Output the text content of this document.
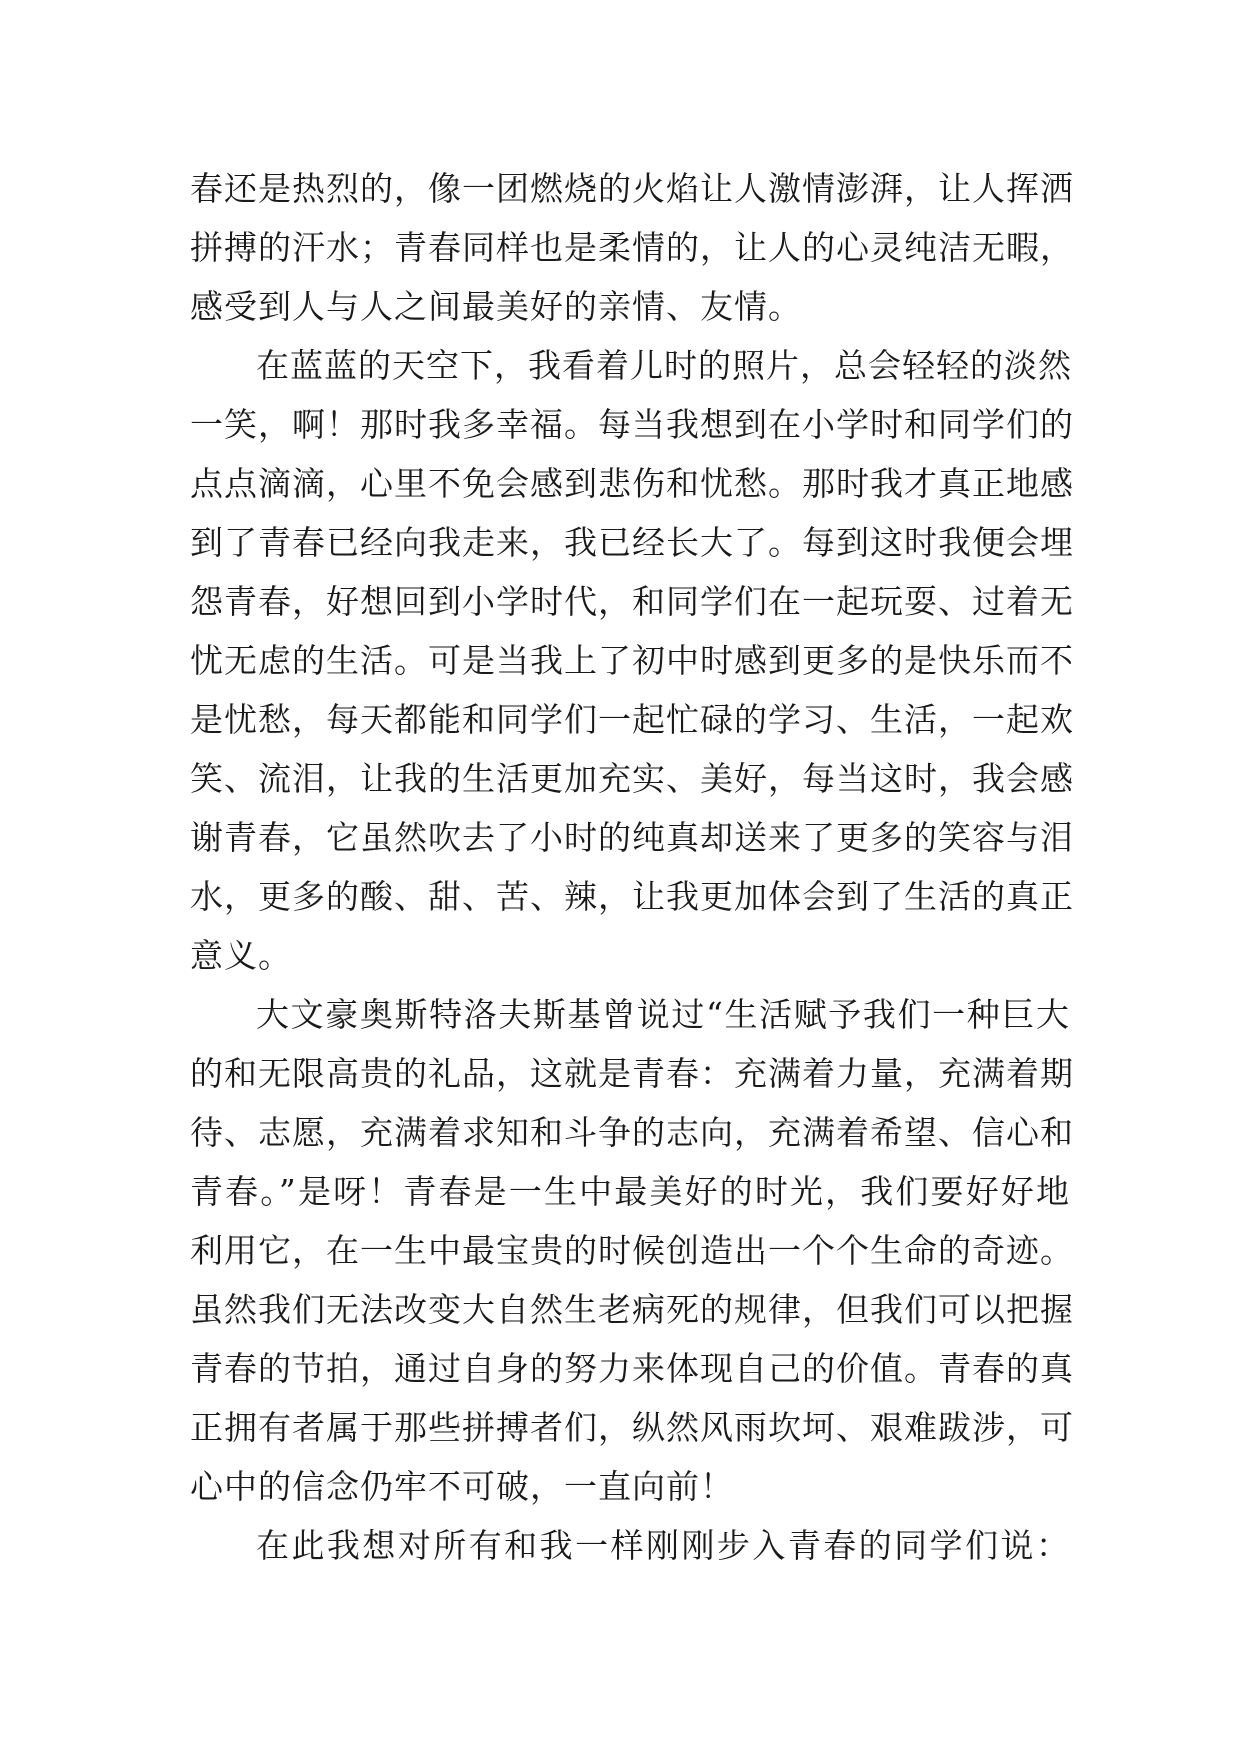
春还是热烈的，像一团燃烧的火焰让人激情澎湃，让人挥洒
拼搏的汗水；青春同样也是柔情的，让人的心灵纯洁无暇，
感受到人与人之间最美好的亲情、友情。
在蓝蓝的天空下，我看着儿时的照片，总会轻轻的淡然
一笑，啊！那时我多幸福。每当我想到在小学时和同学们的
点点滴滴，心里不免会感到悲伤和忧愁。那时我才真正地感
到了青春已经向我走来，我已经长大了。每到这时我便会埋
怨青春，好想回到小学时代，和同学们在一起玩耍、过着无
忧无虑的生活。可是当我上了初中时感到更多的是快乐而不
是忧愁，每天都能和同学们一起忙碌的学习、生活，一起欢
笑、流泪，让我的生活更加充实、美好，每当这时，我会感
谢青春，它虽然吹去了小时的纯真却送来了更多的笑容与泪
水，更多的酸、甜、苦、辣，让我更加体会到了生活的真正
意义。
大文豪奥斯特洛夫斯基曾说过“生活赋予我们一种巨大
的和无限高贵的礼品，这就是青春：充满着力量，充满着期
待、志愿，充满着求知和斗争的志向，充满着希望、信心和
青春。”是呀！青春是一生中最美好的时光，我们要好好地
利用它，在一生中最宝贵的时候创造出一个个生命的奇迹。
虽然我们无法改变大自然生老病死的规律，但我们可以把握
青春的节拍，通过自身的努力来体现自己的价值。青春的真
正拥有者属于那些拼搏者们，纵然风雨坎坷、艰难跋涉，可
心中的信念仍牢不可破，一直向前！
在此我想对所有和我一样刚刚步入青春的同学们说：
